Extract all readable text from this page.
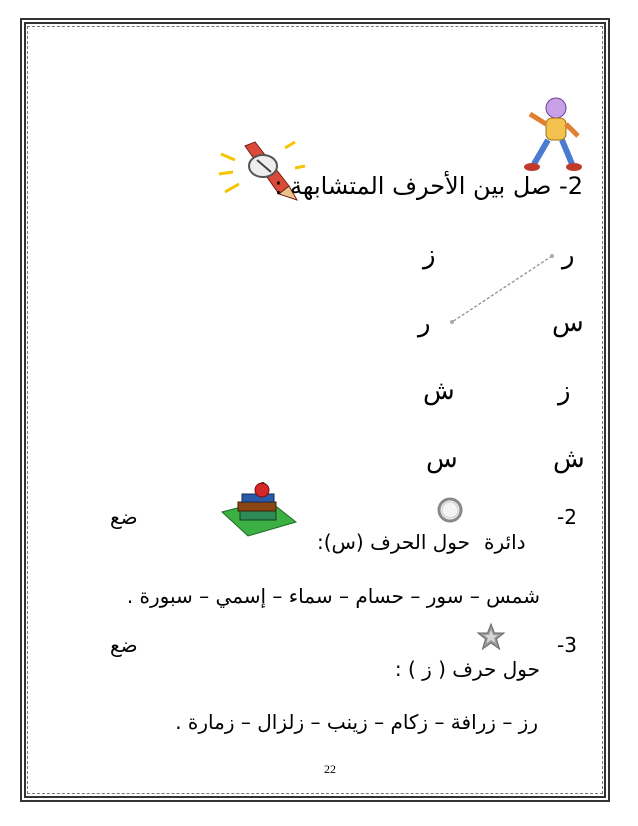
2- صل بين الأحرف المتشابهة :
ز
ر
ش
س
ر
س
ز
ش
-2
ضع
دائرة
حول الحرف (س):
شمس – سور – حسام – سماء – إسمي – سبورة .
-3
ضع
حول حرف ( ز ) :
رز – زرافة – زكام – زينب – زلزال – زمارة .
22
